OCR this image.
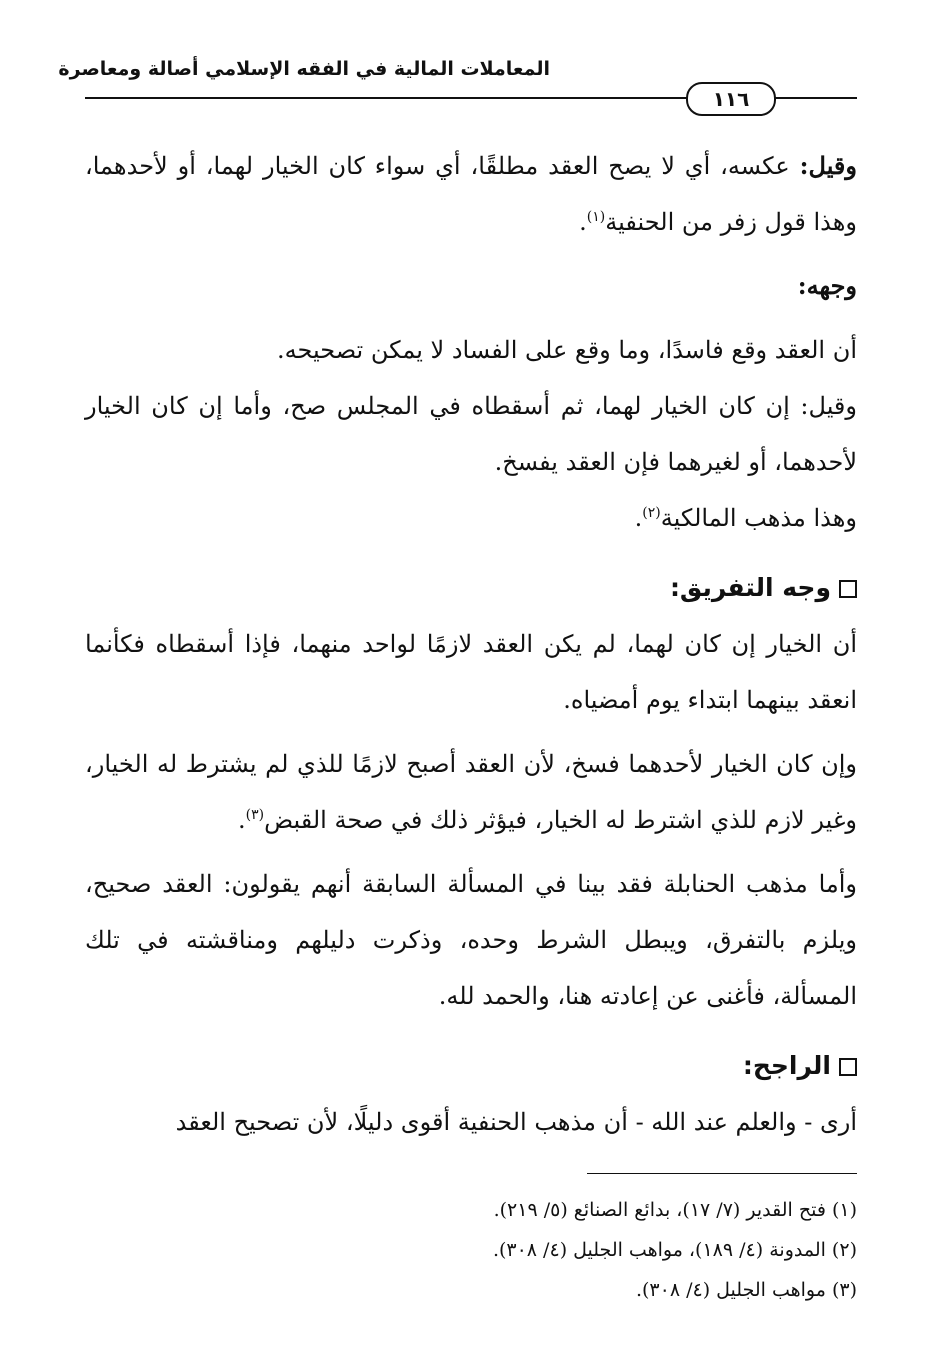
المعاملات المالية في الفقه الإسلامي أصالة ومعاصرة
١١٦

وقيل: عكسه، أي لا يصح العقد مطلقًا، أي سواء كان الخيار لهما، أو لأحدهما، وهذا قول زفر من الحنفية$^{(١)}$.

وجهه:

أن العقد وقع فاسدًا، وما وقع على الفساد لا يمكن تصحيحه.

وقيل: إن كان الخيار لهما، ثم أسقطاه في المجلس صح، وأما إن كان الخيار لأحدهما، أو لغيرهما فإن العقد يفسخ.

وهذا مذهب المالكية$^{(٢)}$.

وجه التفريق:

أن الخيار إن كان لهما، لم يكن العقد لازمًا لواحد منهما، فإذا أسقطاه فكأنما انعقد بينهما ابتداء يوم أمضياه.

وإن كان الخيار لأحدهما فسخ، لأن العقد أصبح لازمًا للذي لم يشترط له الخيار، وغير لازم للذي اشترط له الخيار، فيؤثر ذلك في صحة القبض$^{(٣)}$.

وأما مذهب الحنابلة فقد بينا في المسألة السابقة أنهم يقولون: العقد صحيح، ويلزم بالتفرق، ويبطل الشرط وحده، وذكرت دليلهم ومناقشته في تلك المسألة، فأغنى عن إعادته هنا، والحمد لله.

الراجح:

أرى - والعلم عند الله - أن مذهب الحنفية أقوى دليلًا، لأن تصحيح العقد

(١) فتح القدير (٧/ ١٧)، بدائع الصنائع (٥/ ٢١٩).
(٢) المدونة (٤/ ١٨٩)، مواهب الجليل (٤/ ٣٠٨).
(٣) مواهب الجليل (٤/ ٣٠٨).
